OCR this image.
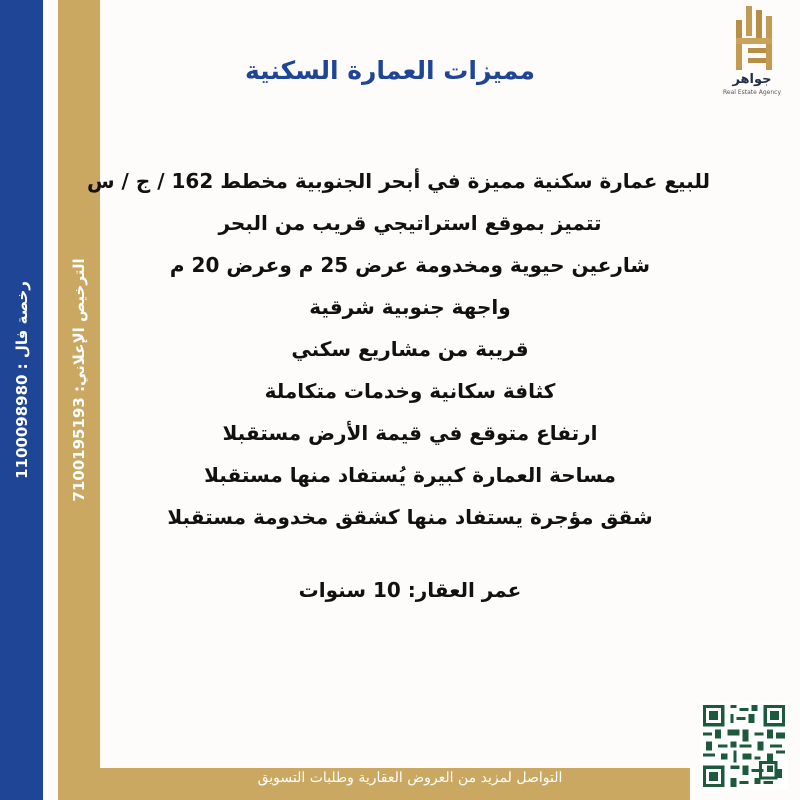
رخصة فال : 1100098980
الترخيص الإعلاني: 7100195193
جواهر
Real Estate Agency
مميزات العمارة السكنية
للبيع عمارة سكنية مميزة في أبحر الجنوبية مخطط 162 / ج / س
تتميز بموقع استراتيجي قريب من البحر
شارعين حيوية ومخدومة عرض 25 م وعرض 20 م
واجهة جنوبية شرقية
قريبة من مشاريع سكني
كثافة سكانية وخدمات متكاملة
ارتفاع متوقع في قيمة الأرض مستقبلا
مساحة العمارة كبيرة يُستفاد منها مستقبلا
شقق مؤجرة يستفاد منها كشقق مخدومة مستقبلا
عمر العقار: 10 سنوات
التواصل لمزيد من العروض العقارية وطلبات التسويق
